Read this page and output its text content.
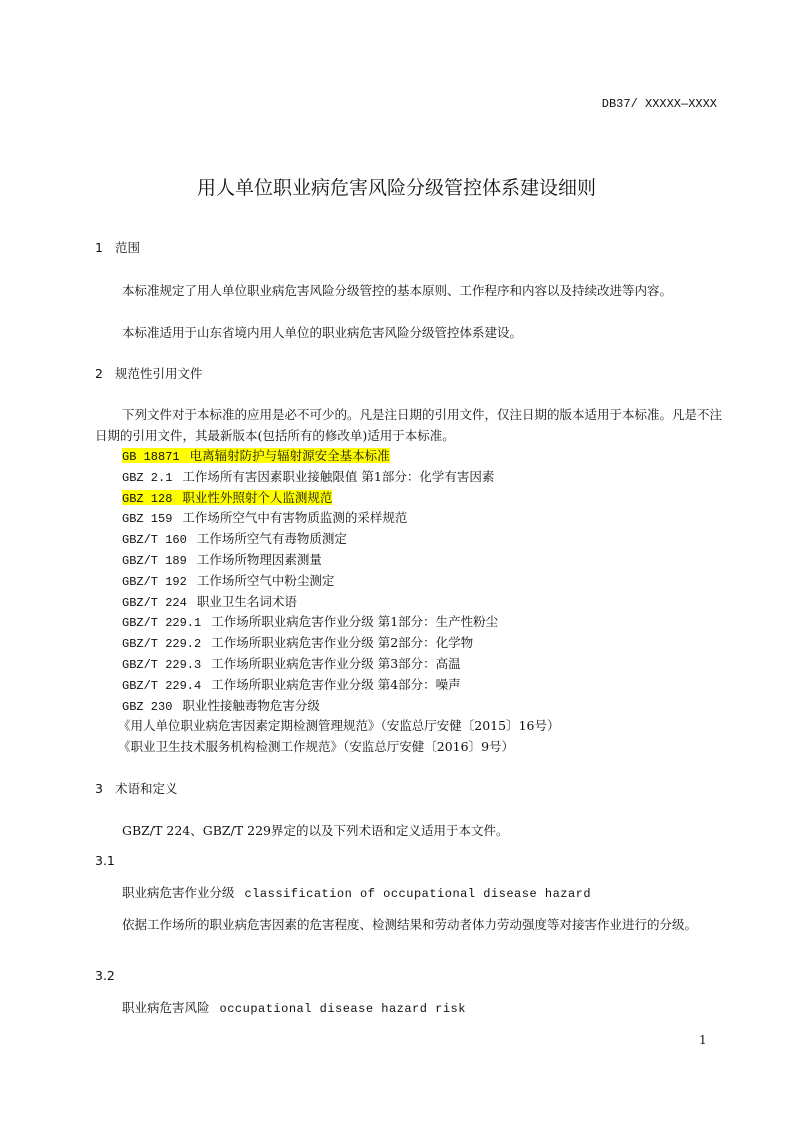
DB37/ XXXXX—XXXX
用人单位职业病危害风险分级管控体系建设细则
1 范围
本标准规定了用人单位职业病危害风险分级管控的基本原则、工作程序和内容以及持续改进等内容。
本标准适用于山东省境内用人单位的职业病危害风险分级管控体系建设。
2 规范性引用文件
下列文件对于本标准的应用是必不可少的。凡是注日期的引用文件，仅注日期的版本适用于本标准。凡是不注日期的引用文件，其最新版本(包括所有的修改单)适用于本标准。
GB 18871 电离辐射防护与辐射源安全基本标准
GBZ 2.1 工作场所有害因素职业接触限值 第1部分：化学有害因素
GBZ 128 职业性外照射个人监测规范
GBZ 159 工作场所空气中有害物质监测的采样规范
GBZ/T 160 工作场所空气有毒物质测定
GBZ/T 189 工作场所物理因素测量
GBZ/T 192 工作场所空气中粉尘测定
GBZ/T 224 职业卫生名词术语
GBZ/T 229.1 工作场所职业病危害作业分级 第1部分：生产性粉尘
GBZ/T 229.2 工作场所职业病危害作业分级 第2部分：化学物
GBZ/T 229.3 工作场所职业病危害作业分级 第3部分：高温
GBZ/T 229.4 工作场所职业病危害作业分级 第4部分：噪声
GBZ 230 职业性接触毒物危害分级
《用人单位职业病危害因素定期检测管理规范》（安监总厅安健〔2015〕16号）
《职业卫生技术服务机构检测工作规范》（安监总厅安健〔2016〕9号）
3 术语和定义
GBZ/T 224、GBZ/T 229界定的以及下列术语和定义适用于本文件。
3.1
职业病危害作业分级 classification of occupational disease hazard
依据工作场所的职业病危害因素的危害程度、检测结果和劳动者体力劳动强度等对接害作业进行的分级。
3.2
职业病危害风险 occupational disease hazard risk
1
